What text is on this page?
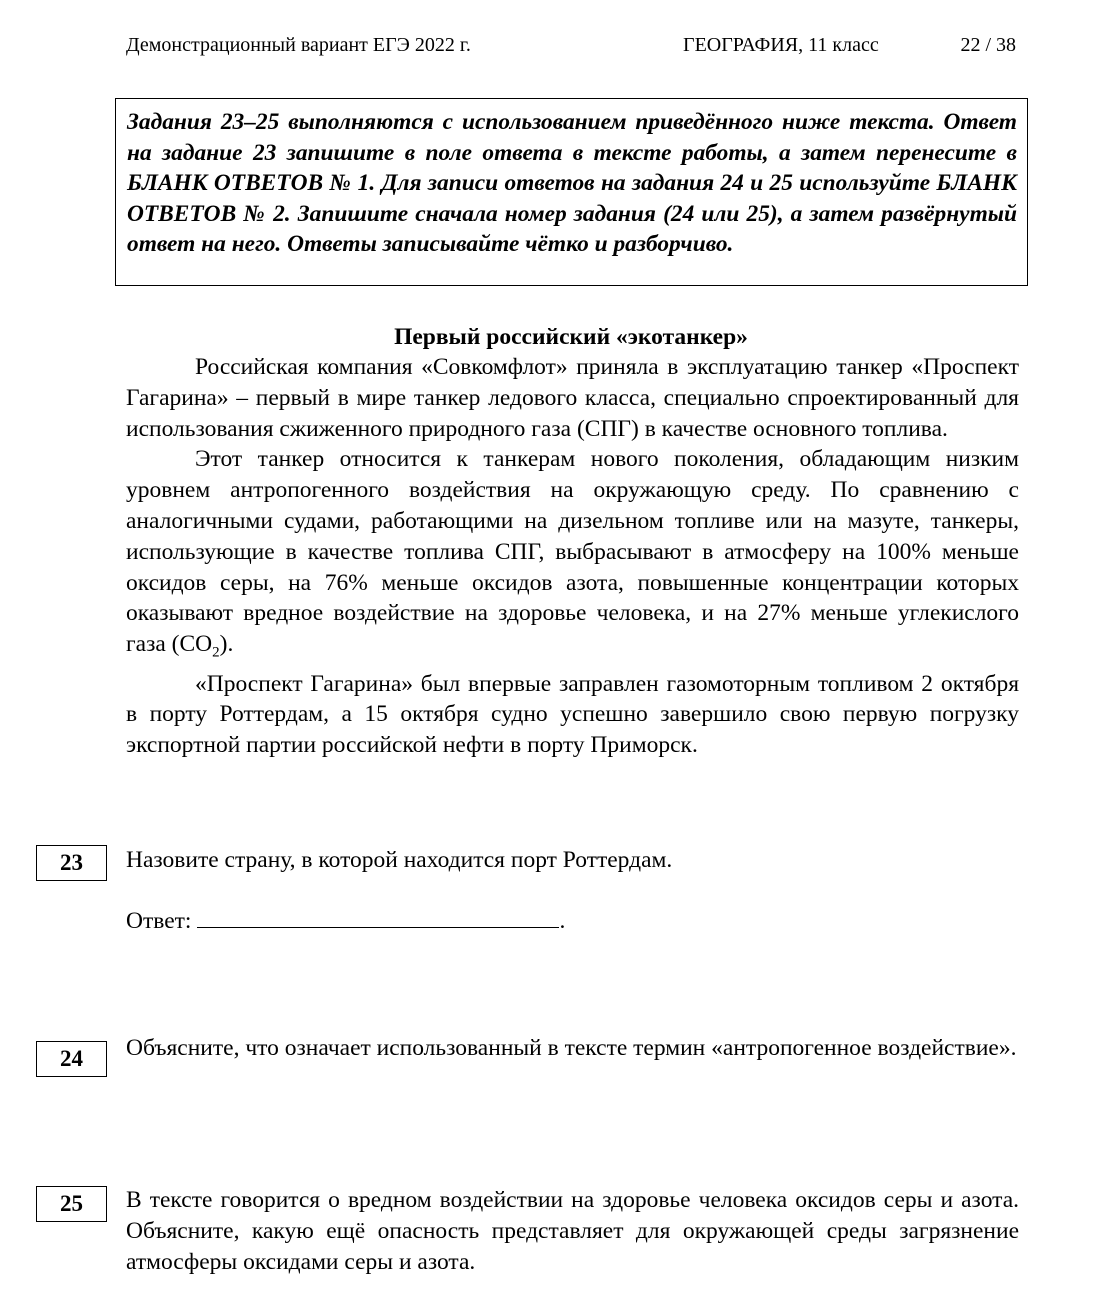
Демонстрационный вариант ЕГЭ 2022 г.	ГЕОГРАФИЯ, 11 класс	22 / 38
Задания 23–25 выполняются с использованием приведённого ниже текста. Ответ на задание 23 запишите в поле ответа в тексте работы, а затем перенесите в БЛАНК ОТВЕТОВ № 1. Для записи ответов на задания 24 и 25 используйте БЛАНК ОТВЕТОВ № 2. Запишите сначала номер задания (24 или 25), а затем развёрнутый ответ на него. Ответы записывайте чётко и разборчиво.
Первый российский «экотанкер»

Российская компания «Совкомфлот» приняла в эксплуатацию танкер «Проспект Гагарина» – первый в мире танкер ледового класса, специально спроектированный для использования сжиженного природного газа (СПГ) в качестве основного топлива.

Этот танкер относится к танкерам нового поколения, обладающим низким уровнем антропогенного воздействия на окружающую среду. По сравнению с аналогичными судами, работающими на дизельном топливе или на мазуте, танкеры, использующие в качестве топлива СПГ, выбрасывают в атмосферу на 100% меньше оксидов серы, на 76% меньше оксидов азота, повышенные концентрации которых оказывают вредное воздействие на здоровье человека, и на 27% меньше углекислого газа $(CO_2)$.

«Проспект Гагарина» был впервые заправлен газомоторным топливом 2 октября в порту Роттердам, а 15 октября судно успешно завершило свою первую погрузку экспортной партии российской нефти в порту Приморск.

23	Назовите страну, в которой находится порт Роттердам.
Ответ:	.
24	Объясните, что означает использованный в тексте термин «антропогенное воздействие».
25	В тексте говорится о вредном воздействии на здоровье человека оксидов серы и азота. Объясните, какую ещё опасность представляет для окружающей среды загрязнение атмосферы оксидами серы и азота.
